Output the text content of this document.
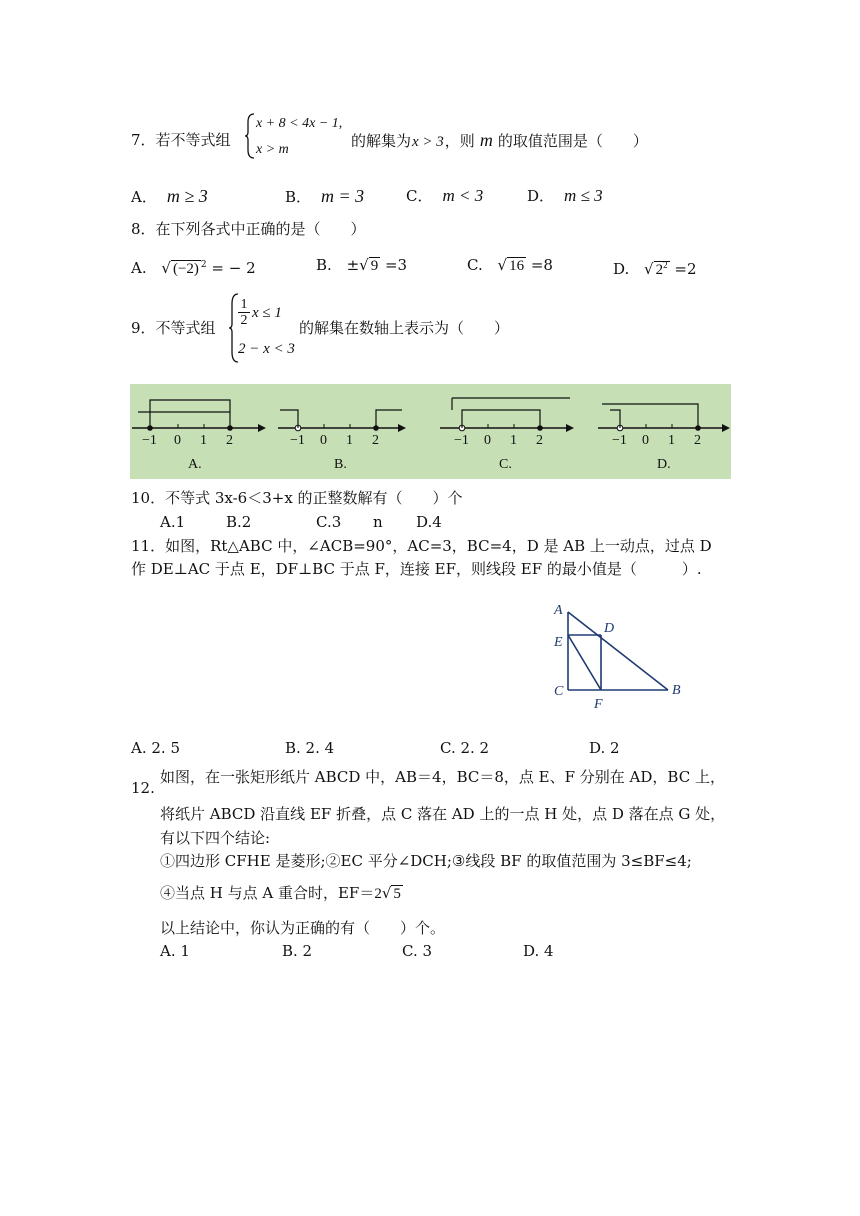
7．若不等式组
x + 8 < 4x − 1,
x > m	的解集为x > 3，则 m 的取值范围是（　　）
A． m ≥ 3	B． m = 3	C． m < 3	D． m ≤ 3
8．在下列各式中正确的是（　　）
A. √ (−2) $^2$ = − 2	B. ±√ 9 =3	C. √ 16 =8	D. √ $2^2 =2$
9．不等式组 $\frac{1}{2}$ x ≤ 1
2 − x < 3
的解集在数轴上表示为（　　）
−1 0 1 2
A.
−1 0 1 2
B.
−1 0 1 2
C.
−1 0 1 2
D.
10．不等式 3x-6＜3+x 的正整数解有（　　）个
A.1	B.2	C.3 n D.4
11．如图，Rt△ABC 中，∠ACB=90°，AC=3，BC=4，D 是 AB 上一动点，过点 D
作 DE⊥AC 于点 E，DF⊥BC 于点 F，连接 EF，则线段 EF 的最小值是（　　　）.
A
D
E
C	B
F
A. 2. 5	B. 2. 4	C. 2. 2	D. 2
12.
如图，在一张矩形纸片 ABCD 中，AB＝4，BC＝8，点 E、F 分别在 AD，BC 上，
将纸片 ABCD 沿直线 EF 折叠，点 C 落在 AD 上的一点 H 处，点 D 落在点 G 处，
有以下四个结论:
①四边形 CFHE 是菱形;②EC 平分∠DCH;③线段 BF 的取值范围为 3≤BF≤4;
④当点 H 与点 A 重合时，EF＝2√ 5
以上结论中，你认为正确的有（　　）个。
A. 1	B. 2	C. 3	D. 4
